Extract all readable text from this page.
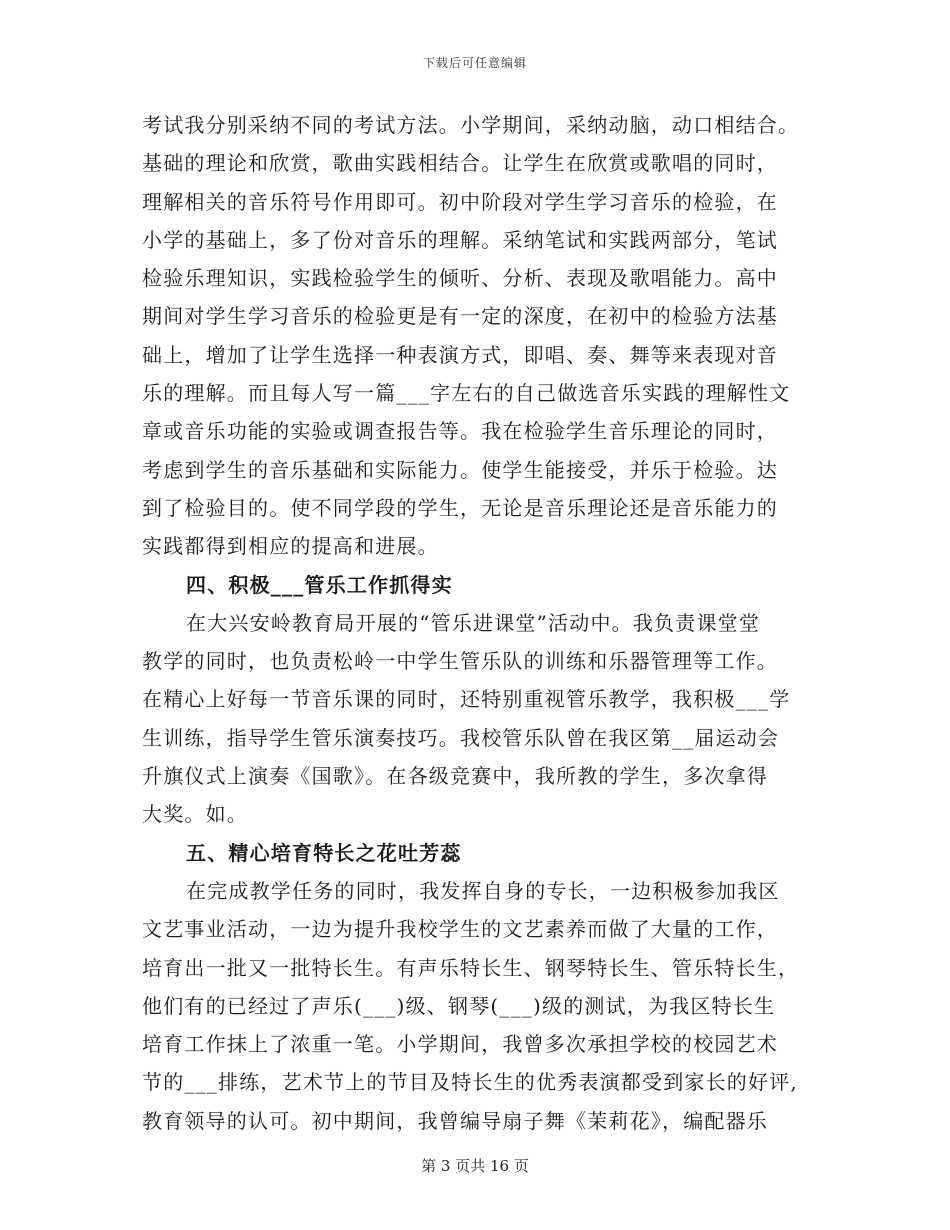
下载后可任意编辑
考试我分别采纳不同的考试方法。小学期间，采纳动脑，动口相结合。
基础的理论和欣赏，歌曲实践相结合。让学生在欣赏或歌唱的同时，
理解相关的音乐符号作用即可。初中阶段对学生学习音乐的检验，在
小学的基础上，多了份对音乐的理解。采纳笔试和实践两部分，笔试
检验乐理知识，实践检验学生的倾听、分析、表现及歌唱能力。高中
期间对学生学习音乐的检验更是有一定的深度，在初中的检验方法基
础上，增加了让学生选择一种表演方式，即唱、奏、舞等来表现对音
乐的理解。而且每人写一篇___字左右的自己做选音乐实践的理解性文
章或音乐功能的实验或调查报告等。我在检验学生音乐理论的同时，
考虑到学生的音乐基础和实际能力。使学生能接受，并乐于检验。达
到了检验目的。使不同学段的学生，无论是音乐理论还是音乐能力的
实践都得到相应的提高和进展。
四、积极___管乐工作抓得实
在大兴安岭教育局开展的“管乐进课堂”活动中。我负责课堂堂
教学的同时，也负责松岭一中学生管乐队的训练和乐器管理等工作。
在精心上好每一节音乐课的同时，还特别重视管乐教学，我积极___学
生训练，指导学生管乐演奏技巧。我校管乐队曾在我区第__届运动会
升旗仪式上演奏《国歌》。在各级竞赛中，我所教的学生，多次拿得
大奖。如。
五、精心培育特长之花吐芳蕊
在完成教学任务的同时，我发挥自身的专长，一边积极参加我区
文艺事业活动，一边为提升我校学生的文艺素养而做了大量的工作，
培育出一批又一批特长生。有声乐特长生、钢琴特长生、管乐特长生，
他们有的已经过了声乐(___)级、钢琴(___)级的测试，为我区特长生
培育工作抹上了浓重一笔。小学期间，我曾多次承担学校的校园艺术
节的___排练，艺术节上的节目及特长生的优秀表演都受到家长的好评,
教育领导的认可。初中期间，我曾编导扇子舞《茉莉花》，编配器乐
第 3 页共 16 页
